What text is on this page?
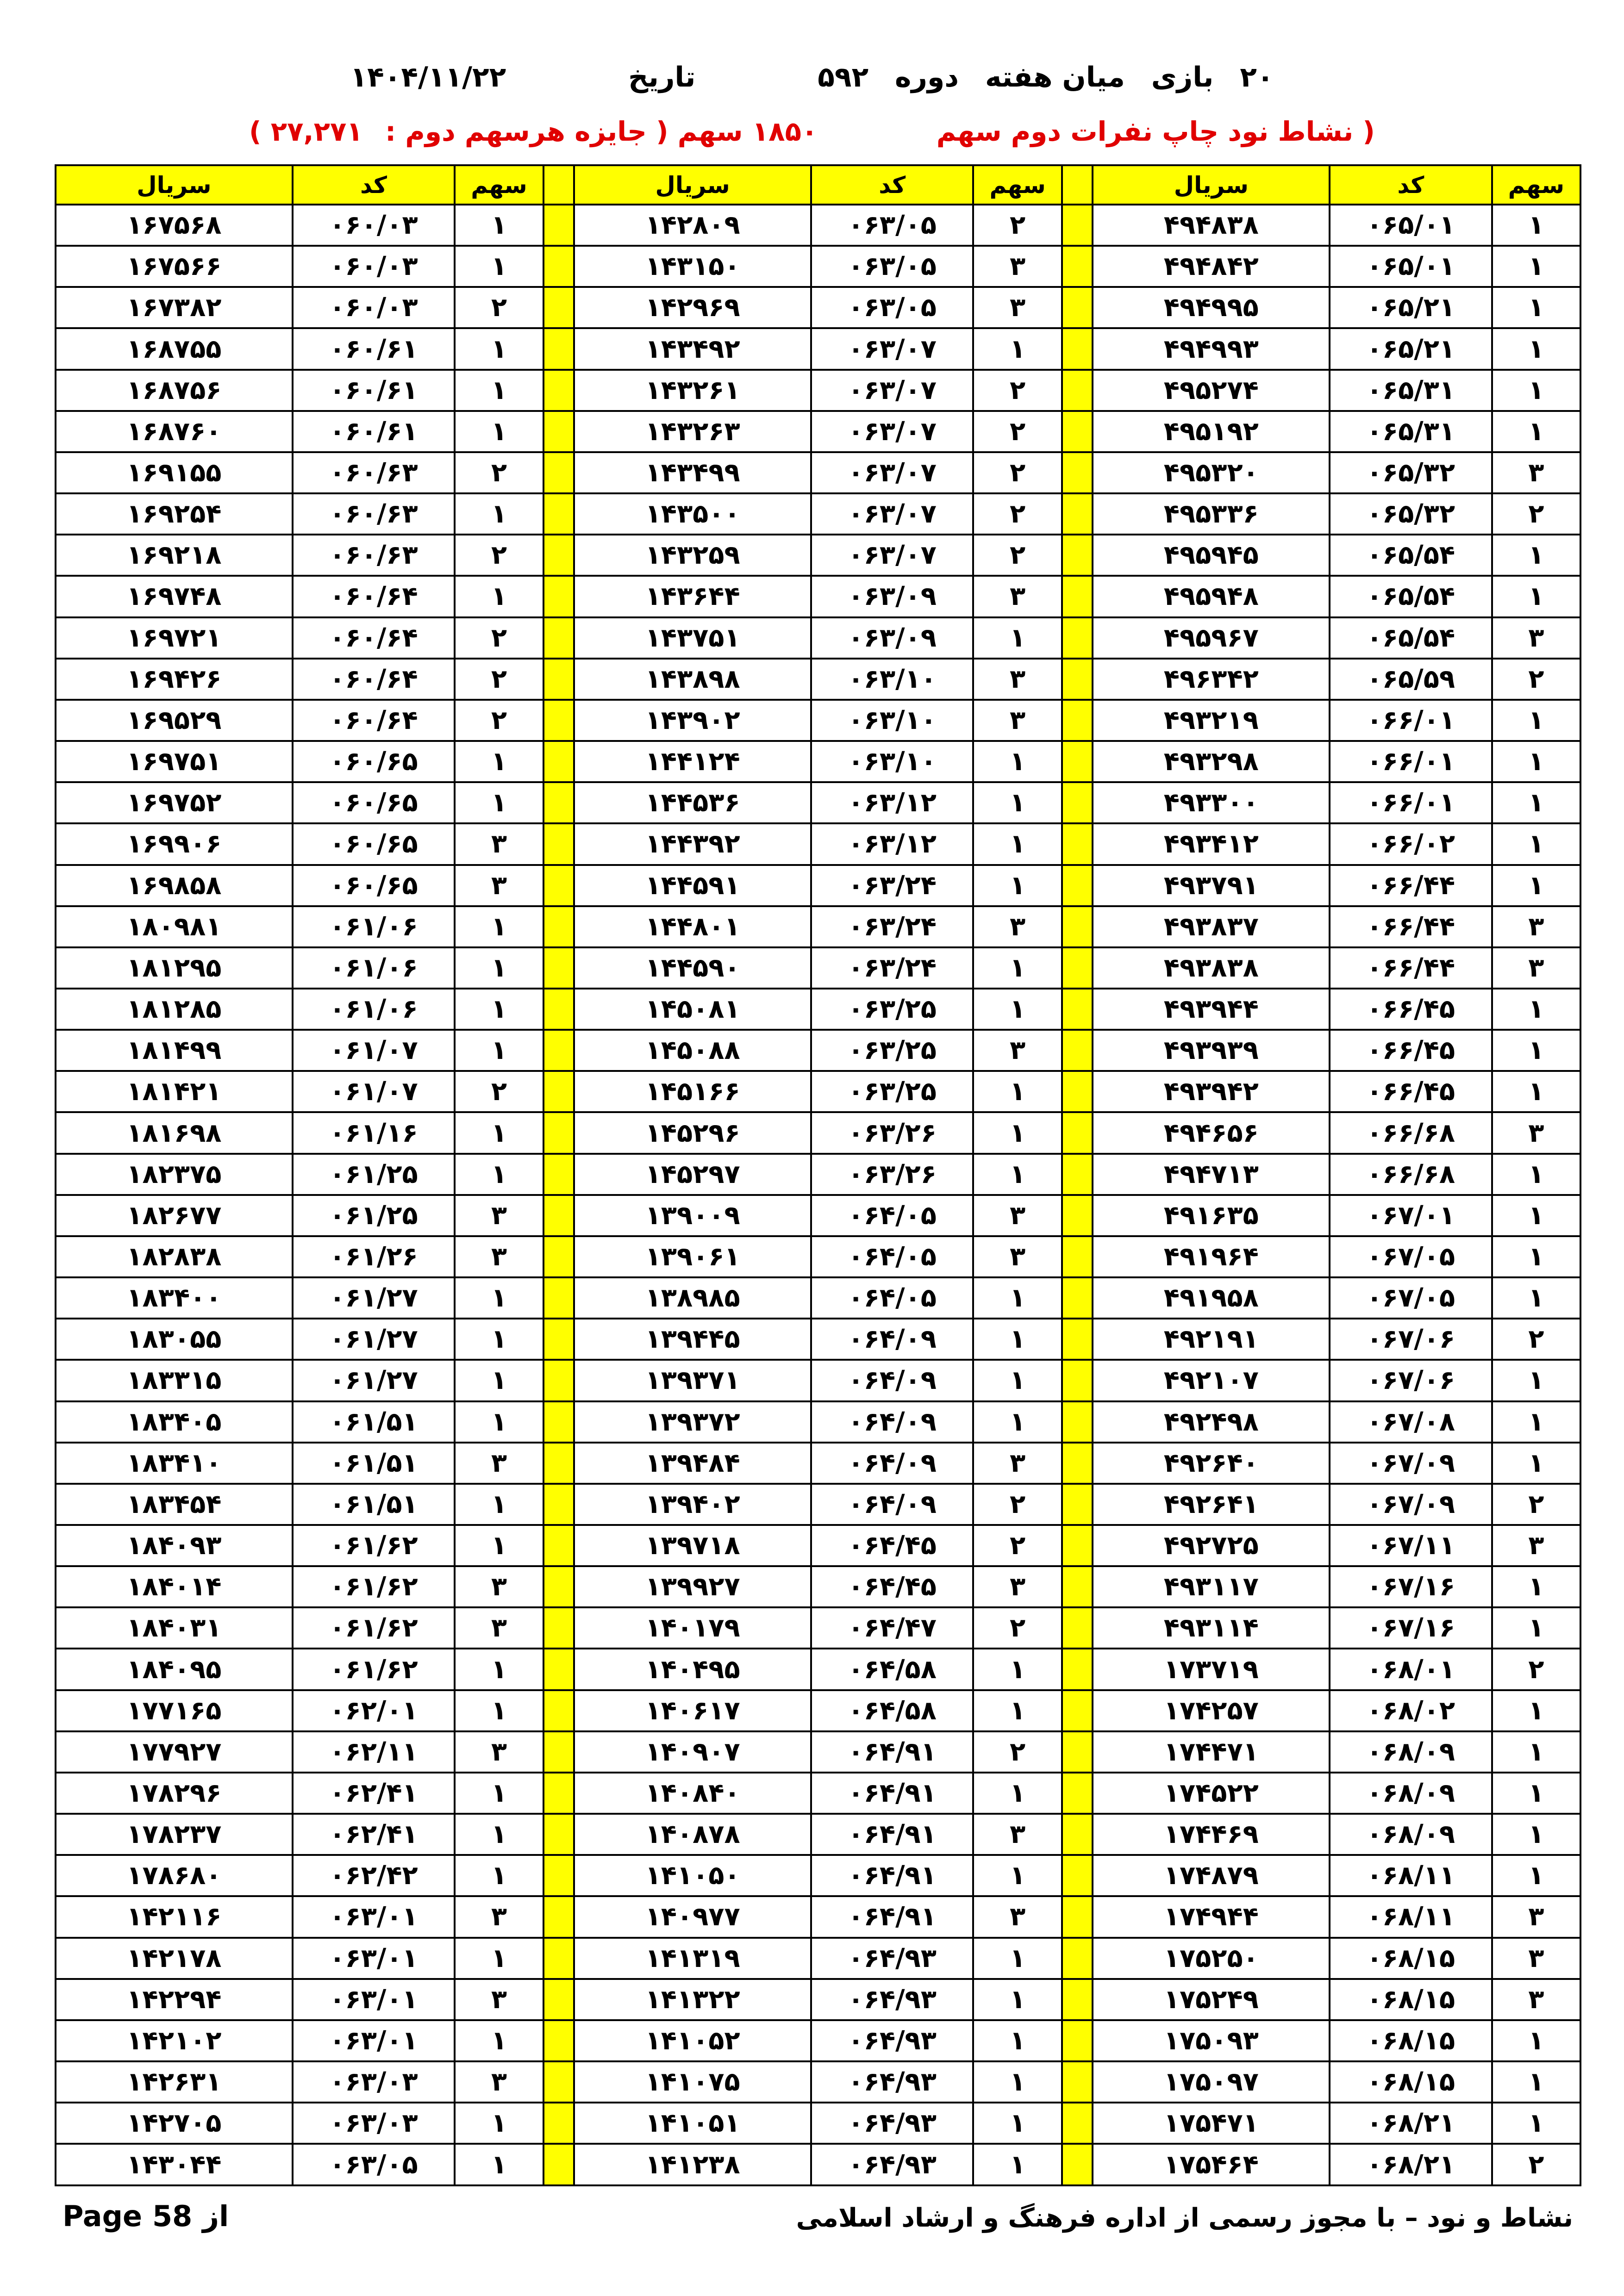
۲۰ بازی میان هفته دوره ۵۹۲  تاریخ  ۱۴۰۴/۱۱/۲۲
( نشاط نود چاپ نفرات دوم سهم  ۱۸۵۰ سهم ( جایزه هرسهم دوم : ۲۷,۲۷۱ )
سهم	کد	سریال		سهم	کد	سریال		سهم	کد	سریال
۱	۰۶۵/۰۱	۴۹۴۸۳۸		۲	۰۶۳/۰۵	۱۴۲۸۰۹		۱	۰۶۰/۰۳	۱۶۷۵۶۸
۱	۰۶۵/۰۱	۴۹۴۸۴۲		۳	۰۶۳/۰۵	۱۴۳۱۵۰		۱	۰۶۰/۰۳	۱۶۷۵۶۶
۱	۰۶۵/۲۱	۴۹۴۹۹۵		۳	۰۶۳/۰۵	۱۴۲۹۶۹		۲	۰۶۰/۰۳	۱۶۷۳۸۲
۱	۰۶۵/۲۱	۴۹۴۹۹۳		۱	۰۶۳/۰۷	۱۴۳۴۹۲		۱	۰۶۰/۶۱	۱۶۸۷۵۵
۱	۰۶۵/۳۱	۴۹۵۲۷۴		۲	۰۶۳/۰۷	۱۴۳۲۶۱		۱	۰۶۰/۶۱	۱۶۸۷۵۶
۱	۰۶۵/۳۱	۴۹۵۱۹۲		۲	۰۶۳/۰۷	۱۴۳۲۶۳		۱	۰۶۰/۶۱	۱۶۸۷۶۰
۳	۰۶۵/۳۲	۴۹۵۳۲۰		۲	۰۶۳/۰۷	۱۴۳۴۹۹		۲	۰۶۰/۶۳	۱۶۹۱۵۵
۲	۰۶۵/۳۲	۴۹۵۳۳۶		۲	۰۶۳/۰۷	۱۴۳۵۰۰		۱	۰۶۰/۶۳	۱۶۹۲۵۴
۱	۰۶۵/۵۴	۴۹۵۹۴۵		۲	۰۶۳/۰۷	۱۴۳۲۵۹		۲	۰۶۰/۶۳	۱۶۹۲۱۸
۱	۰۶۵/۵۴	۴۹۵۹۴۸		۳	۰۶۳/۰۹	۱۴۳۶۴۴		۱	۰۶۰/۶۴	۱۶۹۷۴۸
۳	۰۶۵/۵۴	۴۹۵۹۶۷		۱	۰۶۳/۰۹	۱۴۳۷۵۱		۲	۰۶۰/۶۴	۱۶۹۷۲۱
۲	۰۶۵/۵۹	۴۹۶۳۴۲		۳	۰۶۳/۱۰	۱۴۳۸۹۸		۲	۰۶۰/۶۴	۱۶۹۴۲۶
۱	۰۶۶/۰۱	۴۹۳۲۱۹		۳	۰۶۳/۱۰	۱۴۳۹۰۲		۲	۰۶۰/۶۴	۱۶۹۵۲۹
۱	۰۶۶/۰۱	۴۹۳۲۹۸		۱	۰۶۳/۱۰	۱۴۴۱۲۴		۱	۰۶۰/۶۵	۱۶۹۷۵۱
۱	۰۶۶/۰۱	۴۹۳۳۰۰		۱	۰۶۳/۱۲	۱۴۴۵۳۶		۱	۰۶۰/۶۵	۱۶۹۷۵۲
۱	۰۶۶/۰۲	۴۹۳۴۱۲		۱	۰۶۳/۱۲	۱۴۴۳۹۲		۳	۰۶۰/۶۵	۱۶۹۹۰۶
۱	۰۶۶/۴۴	۴۹۳۷۹۱		۱	۰۶۳/۲۴	۱۴۴۵۹۱		۳	۰۶۰/۶۵	۱۶۹۸۵۸
۳	۰۶۶/۴۴	۴۹۳۸۳۷		۳	۰۶۳/۲۴	۱۴۴۸۰۱		۱	۰۶۱/۰۶	۱۸۰۹۸۱
۳	۰۶۶/۴۴	۴۹۳۸۳۸		۱	۰۶۳/۲۴	۱۴۴۵۹۰		۱	۰۶۱/۰۶	۱۸۱۲۹۵
۱	۰۶۶/۴۵	۴۹۳۹۴۴		۱	۰۶۳/۲۵	۱۴۵۰۸۱		۱	۰۶۱/۰۶	۱۸۱۲۸۵
۱	۰۶۶/۴۵	۴۹۳۹۳۹		۳	۰۶۳/۲۵	۱۴۵۰۸۸		۱	۰۶۱/۰۷	۱۸۱۴۹۹
۱	۰۶۶/۴۵	۴۹۳۹۴۲		۱	۰۶۳/۲۵	۱۴۵۱۶۶		۲	۰۶۱/۰۷	۱۸۱۴۲۱
۳	۰۶۶/۶۸	۴۹۴۶۵۶		۱	۰۶۳/۲۶	۱۴۵۲۹۶		۱	۰۶۱/۱۶	۱۸۱۶۹۸
۱	۰۶۶/۶۸	۴۹۴۷۱۳		۱	۰۶۳/۲۶	۱۴۵۲۹۷		۱	۰۶۱/۲۵	۱۸۲۳۷۵
۱	۰۶۷/۰۱	۴۹۱۶۳۵		۳	۰۶۴/۰۵	۱۳۹۰۰۹		۳	۰۶۱/۲۵	۱۸۲۶۷۷
۱	۰۶۷/۰۵	۴۹۱۹۶۴		۳	۰۶۴/۰۵	۱۳۹۰۶۱		۳	۰۶۱/۲۶	۱۸۲۸۳۸
۱	۰۶۷/۰۵	۴۹۱۹۵۸		۱	۰۶۴/۰۵	۱۳۸۹۸۵		۱	۰۶۱/۲۷	۱۸۳۴۰۰
۲	۰۶۷/۰۶	۴۹۲۱۹۱		۱	۰۶۴/۰۹	۱۳۹۴۴۵		۱	۰۶۱/۲۷	۱۸۳۰۵۵
۱	۰۶۷/۰۶	۴۹۲۱۰۷		۱	۰۶۴/۰۹	۱۳۹۳۷۱		۱	۰۶۱/۲۷	۱۸۳۳۱۵
۱	۰۶۷/۰۸	۴۹۲۴۹۸		۱	۰۶۴/۰۹	۱۳۹۳۷۲		۱	۰۶۱/۵۱	۱۸۳۴۰۵
۱	۰۶۷/۰۹	۴۹۲۶۴۰		۳	۰۶۴/۰۹	۱۳۹۴۸۴		۳	۰۶۱/۵۱	۱۸۳۴۱۰
۲	۰۶۷/۰۹	۴۹۲۶۴۱		۲	۰۶۴/۰۹	۱۳۹۴۰۲		۱	۰۶۱/۵۱	۱۸۳۴۵۴
۳	۰۶۷/۱۱	۴۹۲۷۲۵		۲	۰۶۴/۴۵	۱۳۹۷۱۸		۱	۰۶۱/۶۲	۱۸۴۰۹۳
۱	۰۶۷/۱۶	۴۹۳۱۱۷		۳	۰۶۴/۴۵	۱۳۹۹۲۷		۳	۰۶۱/۶۲	۱۸۴۰۱۴
۱	۰۶۷/۱۶	۴۹۳۱۱۴		۲	۰۶۴/۴۷	۱۴۰۱۷۹		۳	۰۶۱/۶۲	۱۸۴۰۳۱
۲	۰۶۸/۰۱	۱۷۳۷۱۹		۱	۰۶۴/۵۸	۱۴۰۴۹۵		۱	۰۶۱/۶۲	۱۸۴۰۹۵
۱	۰۶۸/۰۲	۱۷۴۲۵۷		۱	۰۶۴/۵۸	۱۴۰۶۱۷		۱	۰۶۲/۰۱	۱۷۷۱۶۵
۱	۰۶۸/۰۹	۱۷۴۴۷۱		۲	۰۶۴/۹۱	۱۴۰۹۰۷		۳	۰۶۲/۱۱	۱۷۷۹۲۷
۱	۰۶۸/۰۹	۱۷۴۵۲۲		۱	۰۶۴/۹۱	۱۴۰۸۴۰		۱	۰۶۲/۴۱	۱۷۸۲۹۶
۱	۰۶۸/۰۹	۱۷۴۴۶۹		۳	۰۶۴/۹۱	۱۴۰۸۷۸		۱	۰۶۲/۴۱	۱۷۸۲۳۷
۱	۰۶۸/۱۱	۱۷۴۸۷۹		۱	۰۶۴/۹۱	۱۴۱۰۵۰		۱	۰۶۲/۴۲	۱۷۸۶۸۰
۳	۰۶۸/۱۱	۱۷۴۹۴۴		۳	۰۶۴/۹۱	۱۴۰۹۷۷		۳	۰۶۳/۰۱	۱۴۲۱۱۶
۳	۰۶۸/۱۵	۱۷۵۲۵۰		۱	۰۶۴/۹۳	۱۴۱۳۱۹		۱	۰۶۳/۰۱	۱۴۲۱۷۸
۳	۰۶۸/۱۵	۱۷۵۲۴۹		۱	۰۶۴/۹۳	۱۴۱۳۲۲		۳	۰۶۳/۰۱	۱۴۲۲۹۴
۱	۰۶۸/۱۵	۱۷۵۰۹۳		۱	۰۶۴/۹۳	۱۴۱۰۵۲		۱	۰۶۳/۰۱	۱۴۲۱۰۲
۱	۰۶۸/۱۵	۱۷۵۰۹۷		۱	۰۶۴/۹۳	۱۴۱۰۷۵		۳	۰۶۳/۰۳	۱۴۲۶۳۱
۱	۰۶۸/۲۱	۱۷۵۴۷۱		۱	۰۶۴/۹۳	۱۴۱۰۵۱		۱	۰۶۳/۰۳	۱۴۲۷۰۵
۲	۰۶۸/۲۱	۱۷۵۴۶۴		۱	۰۶۴/۹۳	۱۴۱۲۳۸		۱	۰۶۳/۰۵	۱۴۳۰۴۴
نشاط و نود – با مجوز رسمی از اداره فرهنگ و ارشاد اسلامی
Page 58 از
